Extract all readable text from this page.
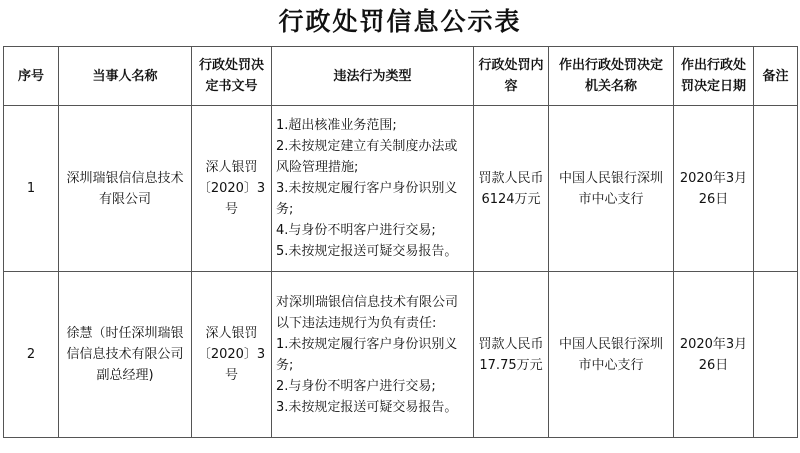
行政处罚信息公示表
序号	当事人名称	行政处罚决定书文号	违法行为类型	行政处罚内容	作出行政处罚决定机关名称	作出行政处罚决定日期	备注
1	深圳瑞银信信息技术有限公司	深人银罚〔2020〕3号	1.超出核准业务范围;
2.未按规定建立有关制度办法或风险管理措施;
3.未按规定履行客户身份识别义务;
4.与身份不明客户进行交易;
5.未按规定报送可疑交易报告。	罚款人民币6124万元	中国人民银行深圳市中心支行	2020年3月26日	
2	徐慧（时任深圳瑞银信信息技术有限公司副总经理)	深人银罚〔2020〕3号	对深圳瑞银信信息技术有限公司以下违法违规行为负有责任:
1.未按规定履行客户身份识别义务;
2.与身份不明客户进行交易;
3.未按规定报送可疑交易报告。	罚款人民币17.75万元	中国人民银行深圳市中心支行	2020年3月26日	
